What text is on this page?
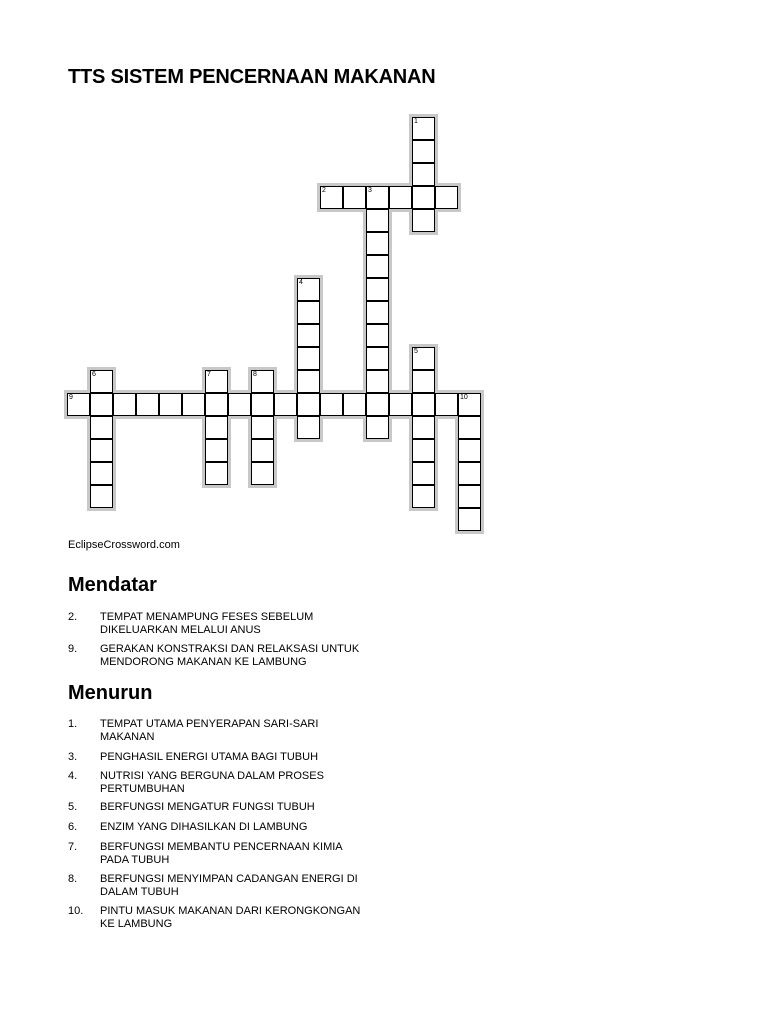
TTS SISTEM PENCERNAAN MAKANAN
1
2	3
4
5
6	7	8
9	10
EclipseCrossword.com
Mendatar
2. TEMPAT MENAMPUNG FESES SEBELUM DIKELUARKAN MELALUI ANUS
9. GERAKAN KONSTRAKSI DAN RELAKSASI UNTUK MENDORONG MAKANAN KE LAMBUNG
Menurun
1. TEMPAT UTAMA PENYERAPAN SARI-SARI MAKANAN
3. PENGHASIL ENERGI UTAMA BAGI TUBUH
4. NUTRISI YANG BERGUNA DALAM PROSES PERTUMBUHAN
5. BERFUNGSI MENGATUR FUNGSI TUBUH
6. ENZIM YANG DIHASILKAN DI LAMBUNG
7. BERFUNGSI MEMBANTU PENCERNAAN KIMIA PADA TUBUH
8. BERFUNGSI MENYIMPAN CADANGAN ENERGI DI DALAM TUBUH
10. PINTU MASUK MAKANAN DARI KERONGKONGAN KE LAMBUNG
